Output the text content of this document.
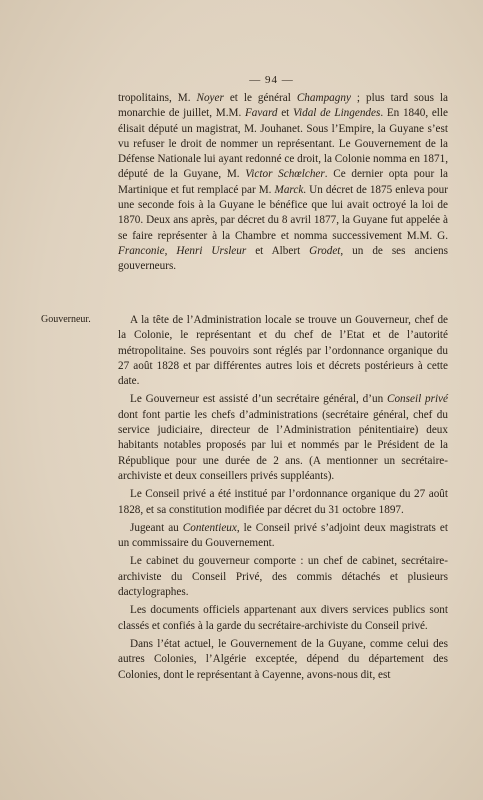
— 94 —

tropolitains, M. Noyer et le général Champagny ; plus tard sous la monarchie de juillet, M.M. Favard et Vidal de Lingendes. En 1840, elle élisait député un magistrat, M. Jouhanet. Sous l’Empire, la Guyane s’est vu refuser le droit de nommer un représentant. Le Gouvernement de la Défense Nationale lui ayant redonné ce droit, la Colonie nomma en 1871, député de la Guyane, M. Victor Schœlcher. Ce dernier opta pour la Martinique et fut remplacé par M. Marck. Un décret de 1875 enleva pour une seconde fois à la Guyane le bénéfice que lui avait octroyé la loi de 1870. Deux ans après, par décret du 8 avril 1877, la Guyane fut appelée à se faire représenter à la Chambre et nomma successivement M.M. G. Franconie, Henri Ursleur et Albert Grodet, un de ses anciens gouverneurs.

Gouverneur.	A la tête de l’Administration locale se trouve un Gouverneur, chef de la Colonie, le représentant et du chef de l’Etat et de l’autorité métropolitaine. Ses pouvoirs sont réglés par l’ordonnance organique du 27 août 1828 et par différentes autres lois et décrets postérieurs à cette date.

Le Gouverneur est assisté d’un secrétaire général, d’un Conseil privé dont font partie les chefs d’administrations (secrétaire général, chef du service judiciaire, directeur de l’Administration pénitentiaire) deux habitants notables proposés par lui et nommés par le Président de la République pour une durée de 2 ans. (A mentionner un secrétaire-archiviste et deux conseillers privés suppléants).

Le Conseil privé a été institué par l’ordonnance organique du 27 août 1828, et sa constitution modifiée par décret du 31 octobre 1897.

Jugeant au Contentieux, le Conseil privé s’adjoint deux magistrats et un commissaire du Gouvernement.

Le cabinet du gouverneur comporte : un chef de cabinet, secrétaire-archiviste du Conseil Privé, des commis détachés et plusieurs dactylographes.

Les documents officiels appartenant aux divers services publics sont classés et confiés à la garde du secrétaire-archiviste du Conseil privé.

Dans l’état actuel, le Gouvernement de la Guyane, comme celui des autres Colonies, l’Algérie exceptée, dépend du département des Colonies, dont le représentant à Cayenne, avons-nous dit, est
